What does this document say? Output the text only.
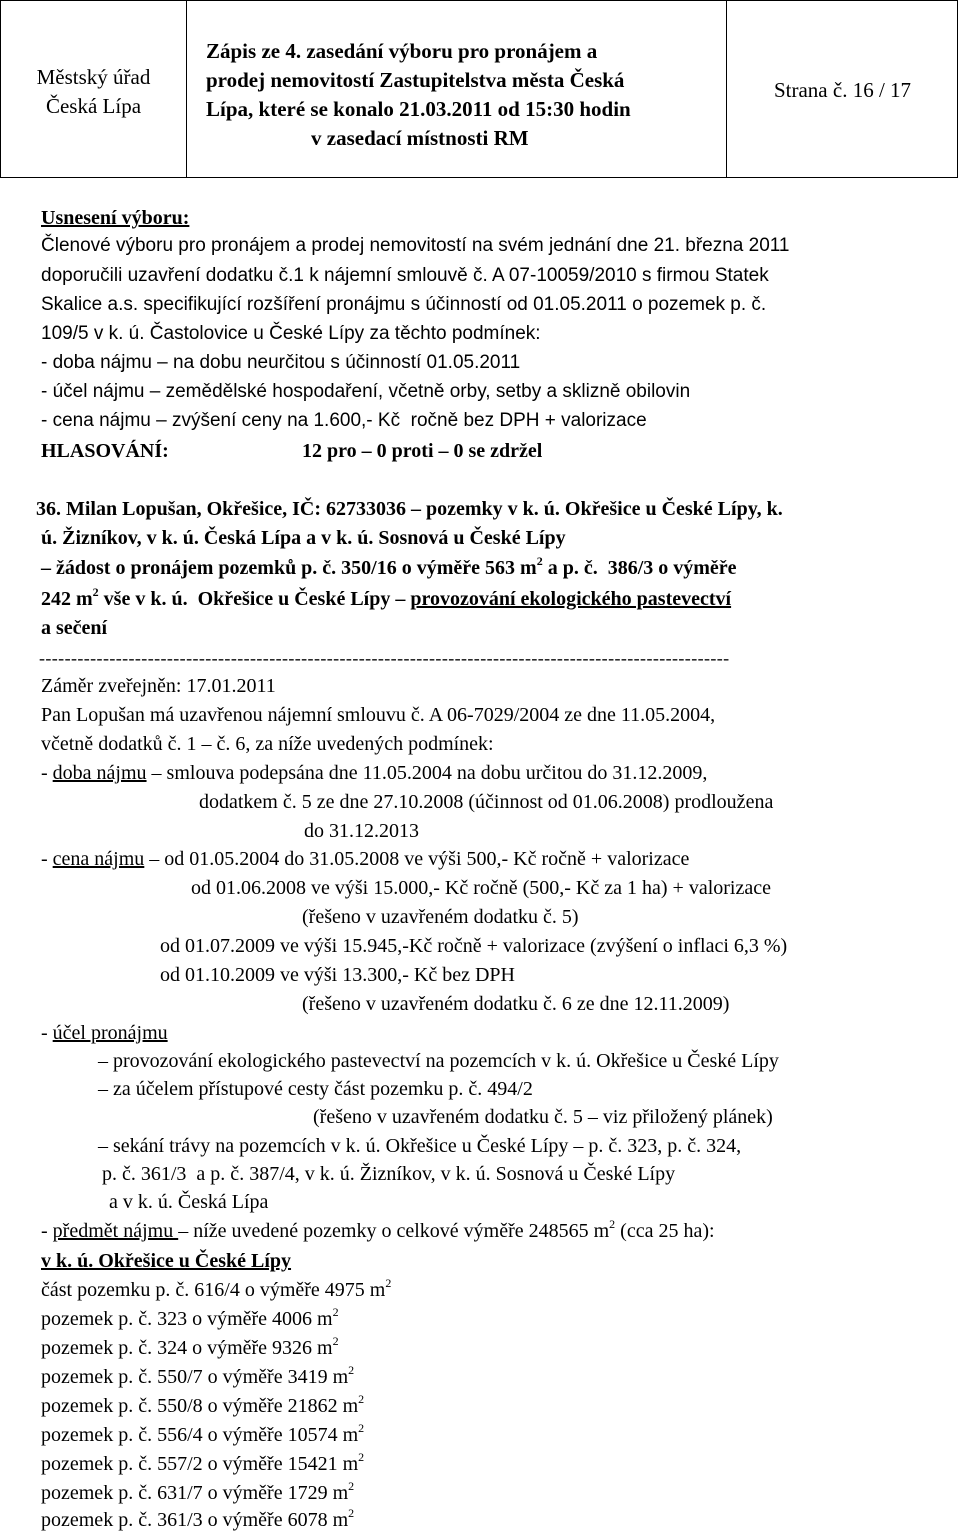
Městský úřad
Česká Lípa
Zápis ze 4. zasedání výboru pro pronájem a
prodej nemovitostí Zastupitelstva města Česká
Lípa, které se konalo 21.03.2011 od 15:30 hodin
v zasedací místnosti RM
Strana č. 16 / 17
Usnesení výboru:
Členové výboru pro pronájem a prodej nemovitostí na svém jednání dne 21. března 2011
doporučili uzavření dodatku č.1 k nájemní smlouvě č. A 07-10059/2010 s firmou Statek
Skalice a.s. specifikující rozšíření pronájmu s účinností od 01.05.2011 o pozemek p. č.
109/5 v k. ú. Častolovice u České Lípy za těchto podmínek:
- doba nájmu – na dobu neurčitou s účinností 01.05.2011
- účel nájmu – zemědělské hospodaření, včetně orby, setby a sklizně obilovin
- cena nájmu – zvýšení ceny na 1.600,- Kč  ročně bez DPH + valorizace
HLASOVÁNÍ:	12 pro – 0 proti – 0 se zdržel
36. Milan Lopušan, Okřešice, IČ: 62733036 – pozemky v k. ú. Okřešice u České Lípy, k.
ú. Žizníkov, v k. ú. Česká Lípa a v k. ú. Sosnová u České Lípy
– žádost o pronájem pozemků p. č. 350/16 o výměře 563 $m^2$ a p. č.  386/3 o výměře
242 $m^2$ vše v k. ú.  Okřešice u České Lípy – provozování ekologického pastevectví
a sečení
------------------------------------------------------------------------------------------------------------
Záměr zveřejněn: 17.01.2011
Pan Lopušan má uzavřenou nájemní smlouvu č. A 06-7029/2004 ze dne 11.05.2004,
včetně dodatků č. 1 – č. 6, za níže uvedených podmínek:
- doba nájmu – smlouva podepsána dne 11.05.2004 na dobu určitou do 31.12.2009,
dodatkem č. 5 ze dne 27.10.2008 (účinnost od 01.06.2008) prodloužena
do 31.12.2013
- cena nájmu – od 01.05.2004 do 31.05.2008 ve výši 500,- Kč ročně + valorizace
od 01.06.2008 ve výši 15.000,- Kč ročně (500,- Kč za 1 ha) + valorizace
(řešeno v uzavřeném dodatku č. 5)
od 01.07.2009 ve výši 15.945,-Kč ročně + valorizace (zvýšení o inflaci 6,3 %)
od 01.10.2009 ve výši 13.300,- Kč bez DPH
(řešeno v uzavřeném dodatku č. 6 ze dne 12.11.2009)
- účel pronájmu
– provozování ekologického pastevectví na pozemcích v k. ú. Okřešice u České Lípy
– za účelem přístupové cesty část pozemku p. č. 494/2
(řešeno v uzavřeném dodatku č. 5 – viz přiložený plánek)
– sekání trávy na pozemcích v k. ú. Okřešice u České Lípy – p. č. 323, p. č. 324,
p. č. 361/3  a p. č. 387/4, v k. ú. Žizníkov, v k. ú. Sosnová u České Lípy
a v k. ú. Česká Lípa
- předmět nájmu – níže uvedené pozemky o celkové výměře 248565 $m^2$ (cca 25 ha):
v k. ú. Okřešice u České Lípy
část pozemku p. č. 616/4 o výměře 4975 $m^2$
pozemek p. č. 323 o výměře 4006 $m^2$
pozemek p. č. 324 o výměře 9326 $m^2$
pozemek p. č. 550/7 o výměře 3419 $m^2$
pozemek p. č. 550/8 o výměře 21862 $m^2$
pozemek p. č. 556/4 o výměře 10574 $m^2$
pozemek p. č. 557/2 o výměře 15421 $m^2$
pozemek p. č. 631/7 o výměře 1729 $m^2$
pozemek p. č. 361/3 o výměře 6078 $m^2$
